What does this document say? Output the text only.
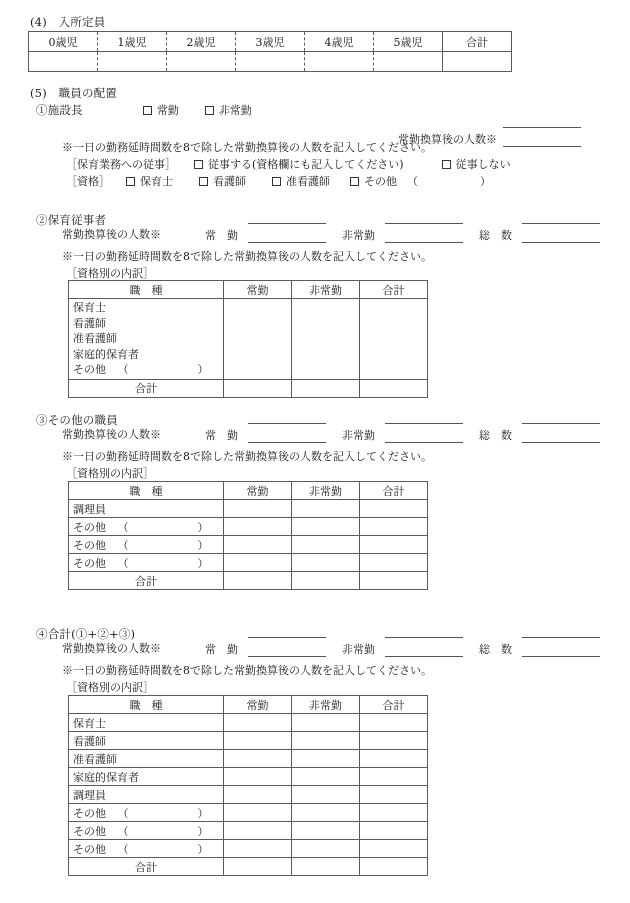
(4)　入所定員
0歳児	1歳児	2歳児	3歳児	4歳児	5歳児	合計

(5)　職員の配置
①施設長	常勤	非常勤
常勤換算後の人数※
※一日の勤務延時間数を8で除した常勤換算後の人数を記入してください。
［保育業務への従事］	従事する(資格欄にも記入してください)	従事しない
［資格］	保育士	看護師	准看護師	その他 （	）
②保育従事者
常　勤	非常勤	総　数
常勤換算後の人数※
※一日の勤務延時間数を8で除した常勤換算後の人数を記入してください。
［資格別の内訳］
職　種	常勤	非常勤	合計

保育士
看護師
准看護師
家庭的保育者
その他 （ ）			

合計			
③その他の職員
常　勤	非常勤	総　数
常勤換算後の人数※
※一日の勤務延時間数を8で除した常勤換算後の人数を記入してください。
［資格別の内訳］
職　種	常勤	非常勤	合計
調理員			
その他 （ ）			
その他 （ ）			
その他 （ ）			
合計			
④合計(①+②+③)
常　勤	非常勤	総　数
常勤換算後の人数※
※一日の勤務延時間数を8で除した常勤換算後の人数を記入してください。
［資格別の内訳］
職　種	常勤	非常勤	合計
保育士			
看護師			
准看護師			
家庭的保育者			
調理員			
その他 （ ）			
その他 （ ）			
その他 （ ）			
合計			
